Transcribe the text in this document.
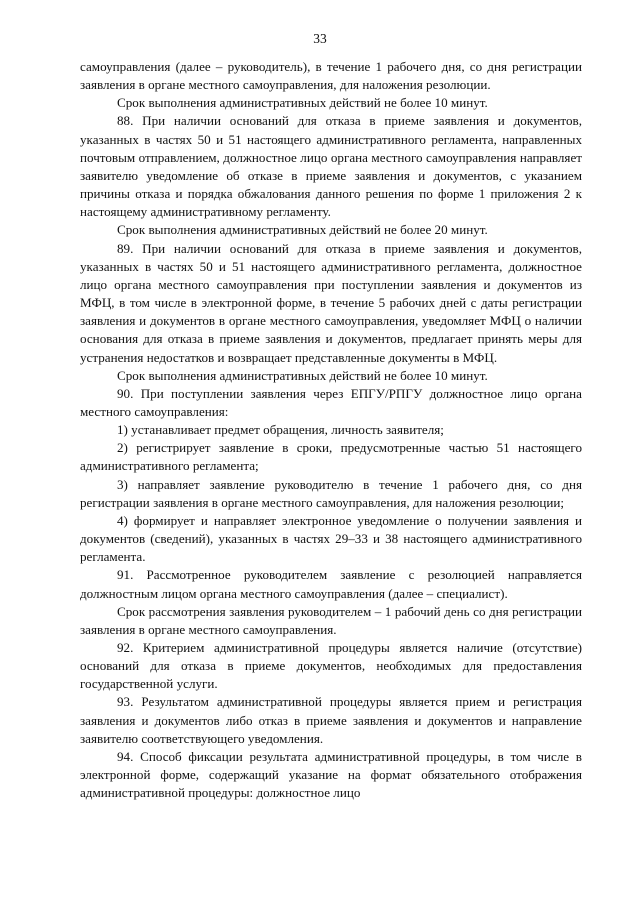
33

самоуправления (далее – руководитель), в течение 1 рабочего дня, со дня регистрации заявления в органе местного самоуправления, для наложения резолюции.

Срок выполнения административных действий не более 10 минут.

88. При наличии оснований для отказа в приеме заявления и документов, указанных в частях 50 и 51 настоящего административного регламента, направленных почтовым отправлением, должностное лицо органа местного самоуправления направляет заявителю уведомление об отказе в приеме заявления и документов, с указанием причины отказа и порядка обжалования данного решения по форме 1 приложения 2 к настоящему административному регламенту.

Срок выполнения административных действий не более 20 минут.

89. При наличии оснований для отказа в приеме заявления и документов, указанных в частях 50 и 51 настоящего административного регламента, должностное лицо органа местного самоуправления при поступлении заявления и документов из МФЦ, в том числе в электронной форме, в течение 5 рабочих дней с даты регистрации заявления и документов в органе местного самоуправления, уведомляет МФЦ о наличии основания для отказа в приеме заявления и документов, предлагает принять меры для устранения недостатков и возвращает представленные документы в МФЦ.

Срок выполнения административных действий не более 10 минут.

90. При поступлении заявления через ЕПГУ/РПГУ должностное лицо органа местного самоуправления:

1) устанавливает предмет обращения, личность заявителя;

2) регистрирует заявление в сроки, предусмотренные частью 51 настоящего административного регламента;

3) направляет заявление руководителю в течение 1 рабочего дня, со дня регистрации заявления в органе местного самоуправления, для наложения резолюции;

4) формирует и направляет электронное уведомление о получении заявления и документов (сведений), указанных в частях 29–33 и 38 настоящего административного регламента.

91. Рассмотренное руководителем заявление с резолюцией направляется должностным лицом органа местного самоуправления (далее – специалист).

Срок рассмотрения заявления руководителем – 1 рабочий день со дня регистрации заявления в органе местного самоуправления.

92. Критерием административной процедуры является наличие (отсутствие) оснований для отказа в приеме документов, необходимых для предоставления государственной услуги.

93. Результатом административной процедуры является прием и регистрация заявления и документов либо отказ в приеме заявления и документов и направление заявителю соответствующего уведомления.

94. Способ фиксации результата административной процедуры, в том числе в электронной форме, содержащий указание на формат обязательного отображения административной процедуры: должностное лицо
